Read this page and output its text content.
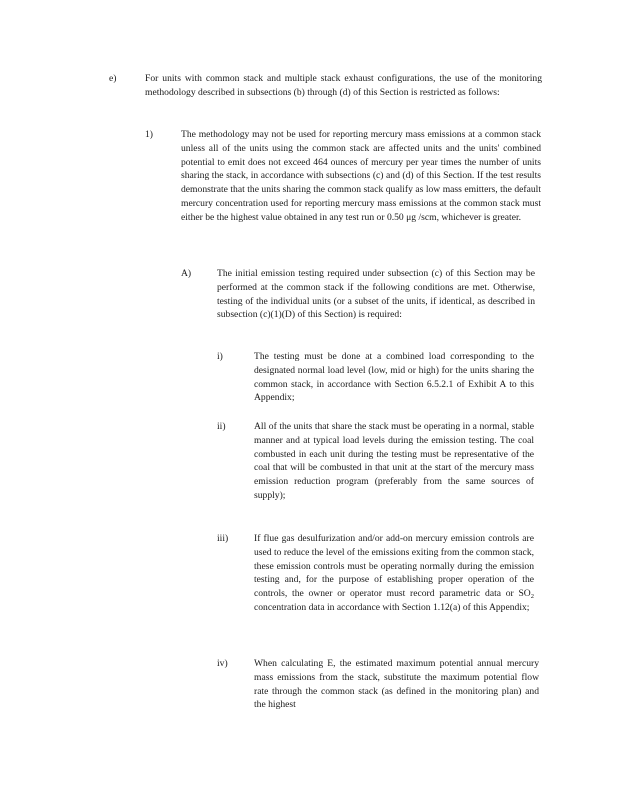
e)	For units with common stack and multiple stack exhaust configurations, the use of the monitoring methodology described in subsections (b) through (d) of this Section is restricted as follows:
1)	The methodology may not be used for reporting mercury mass emissions at a common stack unless all of the units using the common stack are affected units and the units' combined potential to emit does not exceed 464 ounces of mercury per year times the number of units sharing the stack, in accordance with subsections (c) and (d) of this Section. If the test results demonstrate that the units sharing the common stack qualify as low mass emitters, the default mercury concentration used for reporting mercury mass emissions at the common stack must either be the highest value obtained in any test run or 0.50 μg /scm, whichever is greater.
A)	The initial emission testing required under subsection (c) of this Section may be performed at the common stack if the following conditions are met. Otherwise, testing of the individual units (or a subset of the units, if identical, as described in subsection (c)(1)(D) of this Section) is required:
i)	The testing must be done at a combined load corresponding to the designated normal load level (low, mid or high) for the units sharing the common stack, in accordance with Section 6.5.2.1 of Exhibit A to this Appendix;
ii)	All of the units that share the stack must be operating in a normal, stable manner and at typical load levels during the emission testing. The coal combusted in each unit during the testing must be representative of the coal that will be combusted in that unit at the start of the mercury mass emission reduction program (preferably from the same sources of supply);
iii)	If flue gas desulfurization and/or add-on mercury emission controls are used to reduce the level of the emissions exiting from the common stack, these emission controls must be operating normally during the emission testing and, for the purpose of establishing proper operation of the controls, the owner or operator must record parametric data or $SO_2$ concentration data in accordance with Section 1.12(a) of this Appendix;
iv)	When calculating E, the estimated maximum potential annual mercury mass emissions from the stack, substitute the maximum potential flow rate through the common stack (as defined in the monitoring plan) and the highest
